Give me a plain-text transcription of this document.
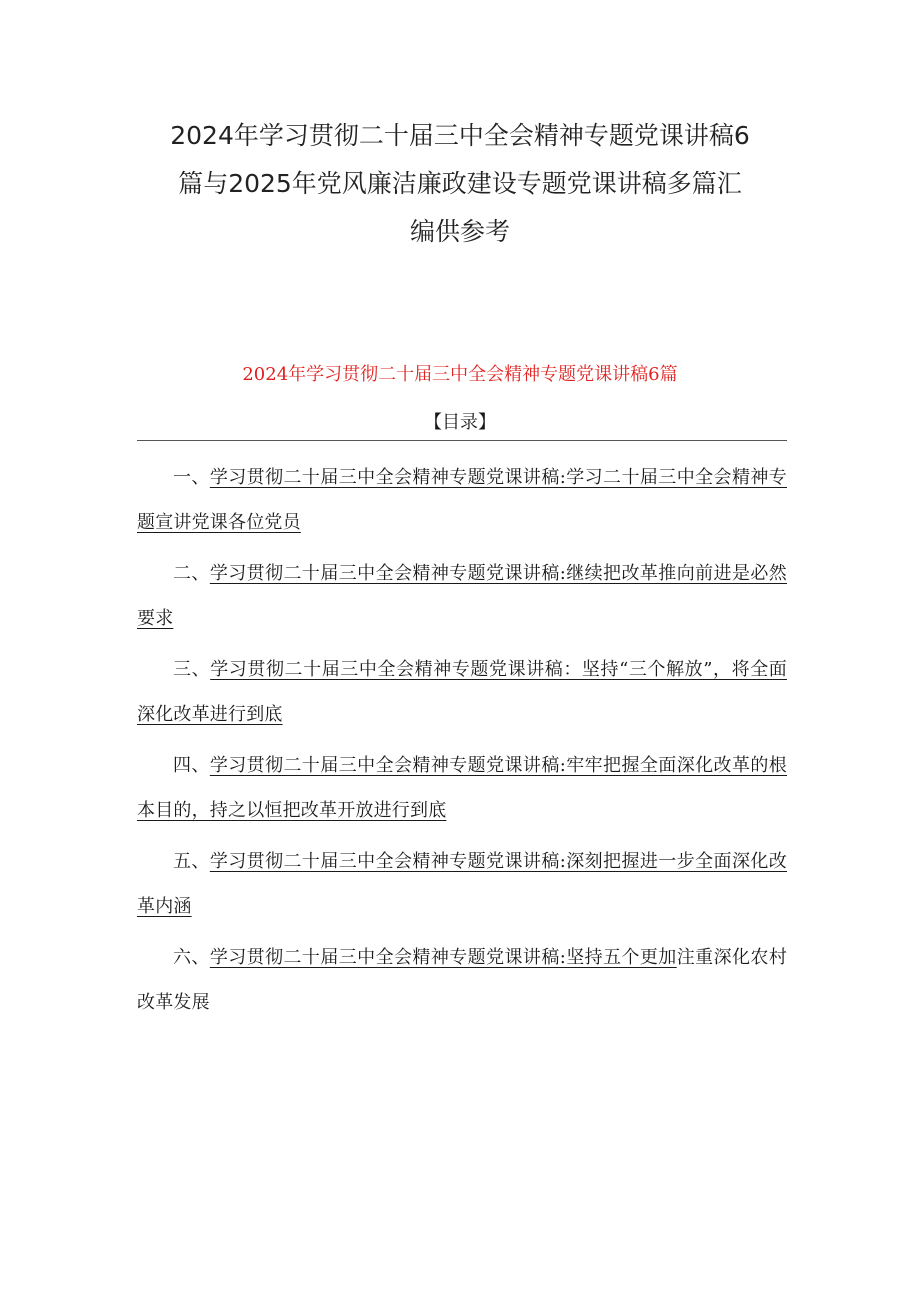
2024年学习贯彻二十届三中全会精神专题党课讲稿6
篇与2025年党风廉洁廉政建设专题党课讲稿多篇汇
编供参考
2024年学习贯彻二十届三中全会精神专题党课讲稿6篇
【目录】
一、学习贯彻二十届三中全会精神专题党课讲稿:学习二十届三中全会精神专题宣讲党课各位党员
二、学习贯彻二十届三中全会精神专题党课讲稿:继续把改革推向前进是必然要求
三、学习贯彻二十届三中全会精神专题党课讲稿：坚持“三个解放”，将全面深化改革进行到底
四、学习贯彻二十届三中全会精神专题党课讲稿:牢牢把握全面深化改革的根本目的，持之以恒把改革开放进行到底
五、学习贯彻二十届三中全会精神专题党课讲稿:深刻把握进一步全面深化改革内涵
六、学习贯彻二十届三中全会精神专题党课讲稿:坚持五个更加注重深化农村改革发展
